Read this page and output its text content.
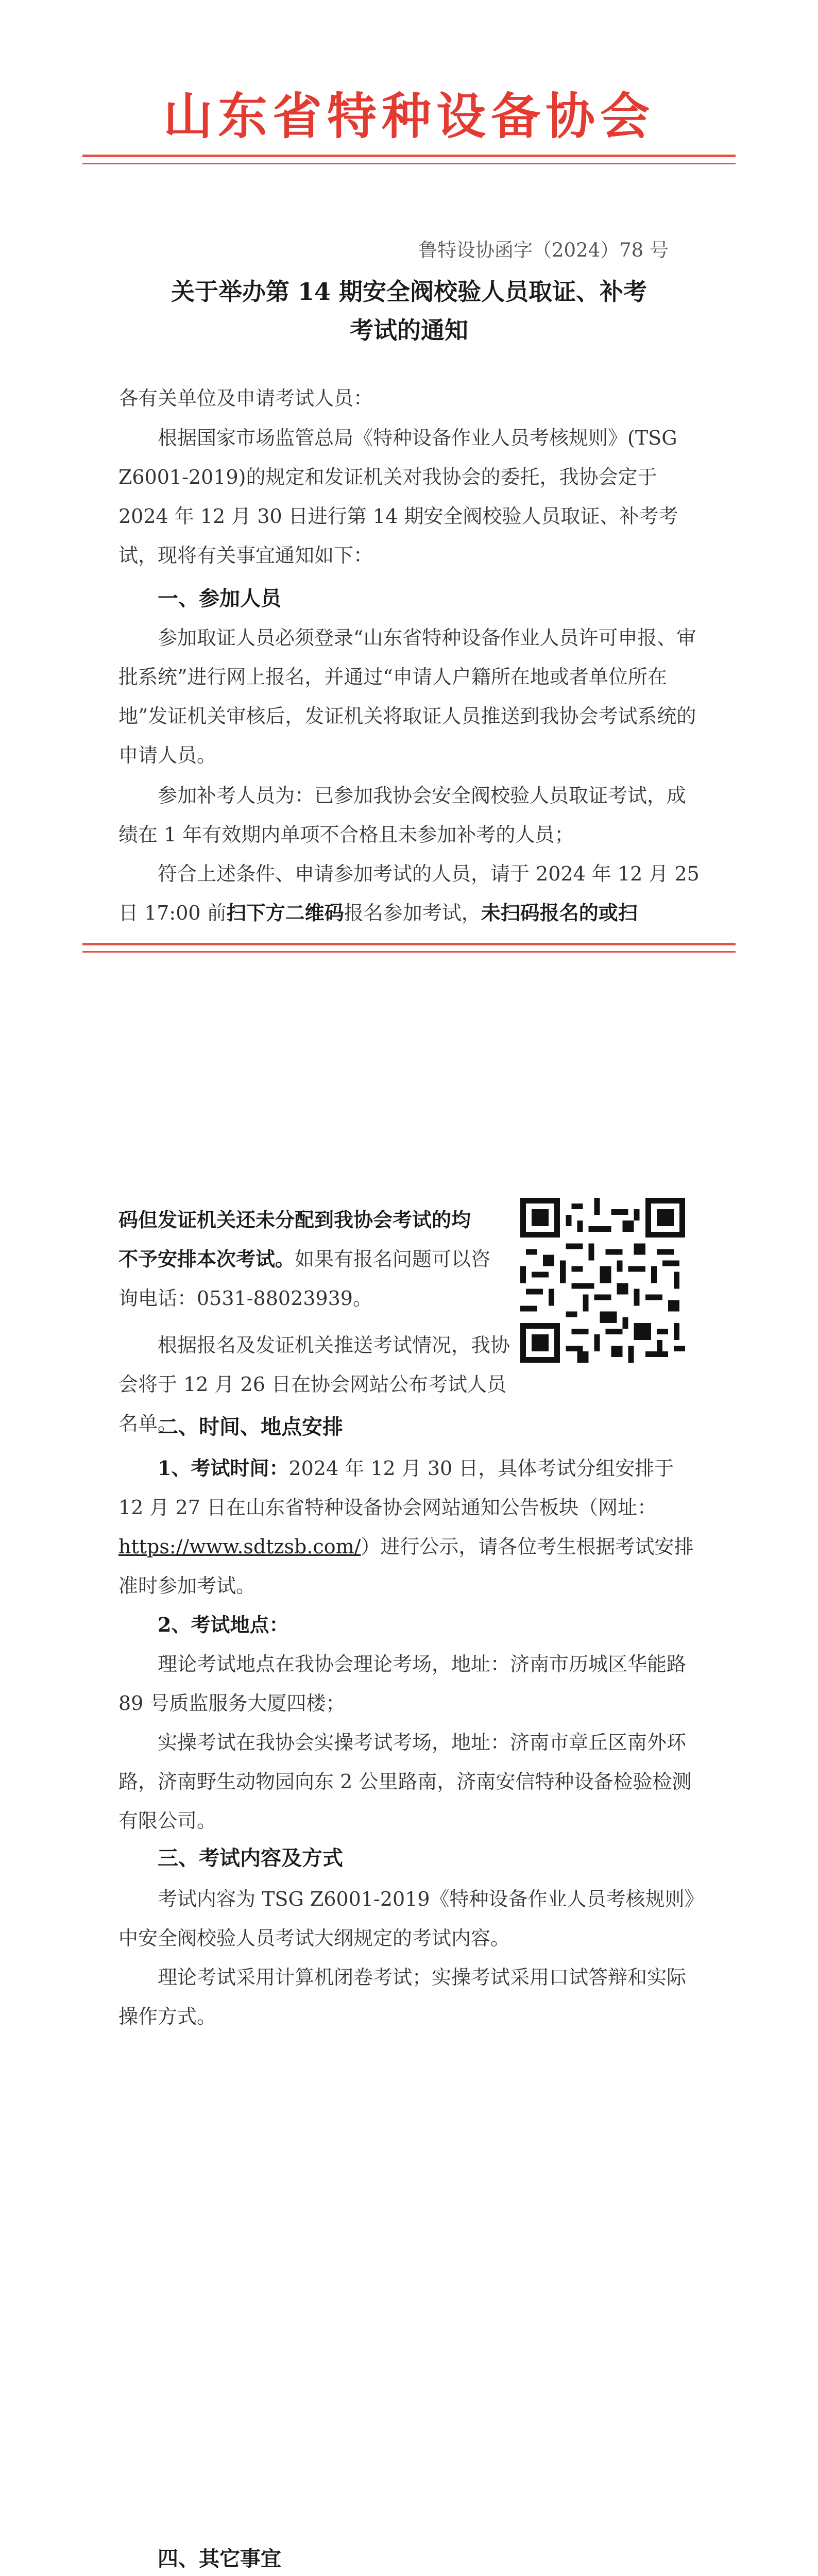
山东省特种设备协会
鲁特设协函字（2024）78 号
关于举办第 14 期安全阀校验人员取证、补考
考试的通知

各有关单位及申请考试人员：

根据国家市场监管总局《特种设备作业人员考核规则》(TSG Z6001-2019)的规定和发证机关对我协会的委托，我协会定于 2024 年 12 月 30 日进行第 14 期安全阀校验人员取证、补考考试，现将有关事宜通知如下：

一、参加人员

参加取证人员必须登录“山东省特种设备作业人员许可申报、审批系统”进行网上报名，并通过“申请人户籍所在地或者单位所在地”发证机关审核后，发证机关将取证人员推送到我协会考试系统的申请人员。

参加补考人员为：已参加我协会安全阀校验人员取证考试，成绩在 1 年有效期内单项不合格且未参加补考的人员；

符合上述条件、申请参加考试的人员，请于 2024 年 12 月 25 日 17:00 前扫下方二维码报名参加考试，未扫码报名的或扫

码但发证机关还未分配到我协会考试的均
不予安排本次考试。如果有报名问题可以咨
询电话：0531-88023939。

根据报名及发证机关推送考试情况，我协会将于 12 月 26 日在协会网站公布考试人员名单。

二、时间、地点安排

1、考试时间：2024 年 12 月 30 日，具体考试分组安排于 12 月 27 日在山东省特种设备协会网站通知公告板块（网址：https://www.sdtzsb.com/）进行公示，请各位考生根据考试安排准时参加考试。

2、考试地点：

理论考试地点在我协会理论考场，地址：济南市历城区华能路 89 号质监服务大厦四楼；

实操考试在我协会实操考试考场，地址：济南市章丘区南外环路，济南野生动物园向东 2 公里路南，济南安信特种设备检验检测有限公司。

三、考试内容及方式

考试内容为 TSG Z6001-2019《特种设备作业人员考核规则》中安全阀校验人员考试大纲规定的考试内容。

理论考试采用计算机闭卷考试；实操考试采用口试答辩和实际操作方式。

四、其它事宜
